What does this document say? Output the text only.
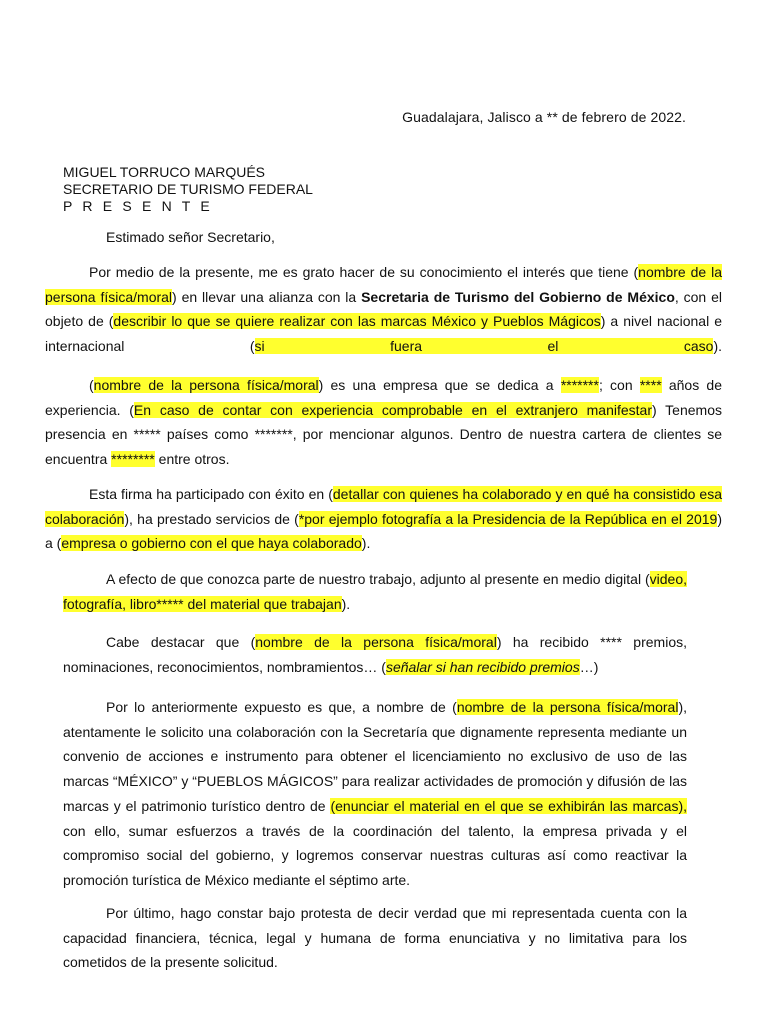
Guadalajara, Jalisco a ** de febrero de 2022.
MIGUEL TORRUCO MARQUÉS
SECRETARIO DE TURISMO FEDERAL
P R E S E N T E
Estimado señor Secretario,
Por medio de la presente, me es grato hacer de su conocimiento el interés que tiene (nombre de la persona física/moral) en llevar una alianza con la Secretaria de Turismo del Gobierno de México, con el objeto de (describir lo que se quiere realizar con las marcas México y Pueblos Mágicos) a nivel nacional e internacional (si fuera el caso).
(nombre de la persona física/moral) es una empresa que se dedica a *******; con **** años de experiencia. (En caso de contar con experiencia comprobable en el extranjero manifestar) Tenemos presencia en ***** países como *******, por mencionar algunos. Dentro de nuestra cartera de clientes se encuentra ******** entre otros.
Esta firma ha participado con éxito en (detallar con quienes ha colaborado y en qué ha consistido esa colaboración), ha prestado servicios de (*por ejemplo fotografía a la Presidencia de la República en el 2019) a (empresa o gobierno con el que haya colaborado).
A efecto de que conozca parte de nuestro trabajo, adjunto al presente en medio digital (video, fotografía, libro***** del material que trabajan).
Cabe destacar que (nombre de la persona física/moral) ha recibido **** premios, nominaciones, reconocimientos, nombramientos… (señalar si han recibido premios…)
Por lo anteriormente expuesto es que, a nombre de (nombre de la persona física/moral), atentamente le solicito una colaboración con la Secretaría que dignamente representa mediante un convenio de acciones e instrumento para obtener el licenciamiento no exclusivo de uso de las marcas “MÉXICO” y “PUEBLOS MÁGICOS” para realizar actividades de promoción y difusión de las marcas y el patrimonio turístico dentro de (enunciar el material en el que se exhibirán las marcas), con ello, sumar esfuerzos a través de la coordinación del talento, la empresa privada y el compromiso social del gobierno, y logremos conservar nuestras culturas así como reactivar la promoción turística de México mediante el séptimo arte.
Por último, hago constar bajo protesta de decir verdad que mi representada cuenta con la capacidad financiera, técnica, legal y humana de forma enunciativa y no limitativa para los cometidos de la presente solicitud.
